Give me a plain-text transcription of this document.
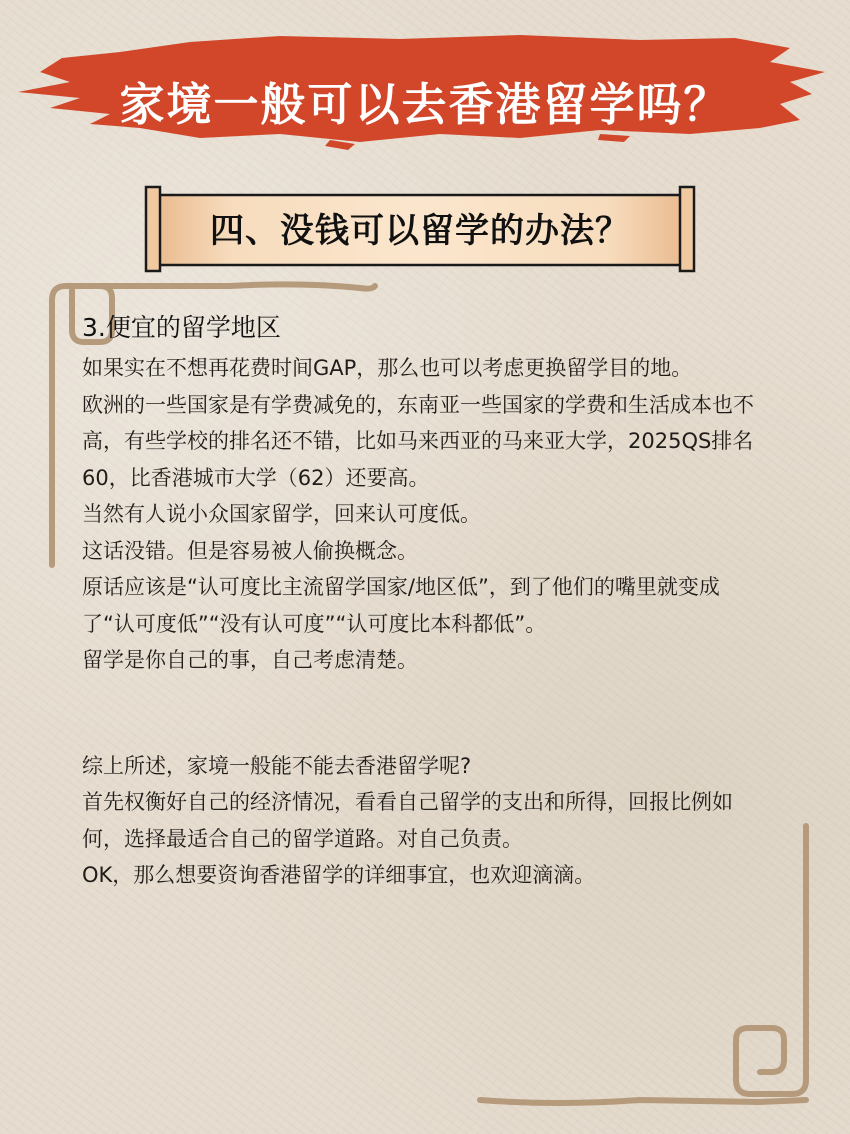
家境一般可以去香港留学吗？
四、没钱可以留学的办法？
3.便宜的留学地区

如果实在不想再花费时间GAP，那么也可以考虑更换留学目的地。

欧洲的一些国家是有学费减免的，东南亚一些国家的学费和生活成本也不高，有些学校的排名还不错，比如马来西亚的马来亚大学，2025QS排名60，比香港城市大学（62）还要高。

当然有人说小众国家留学，回来认可度低。

这话没错。但是容易被人偷换概念。

原话应该是“认可度比主流留学国家/地区低”，到了他们的嘴里就变成了“认可度低”“没有认可度”“认可度比本科都低”。

留学是你自己的事，自己考虑清楚。

综上所述，家境一般能不能去香港留学呢?

首先权衡好自己的经济情况，看看自己留学的支出和所得，回报比例如何，选择最适合自己的留学道路。对自己负责。

OK，那么想要资询香港留学的详细事宜，也欢迎滴滴。
